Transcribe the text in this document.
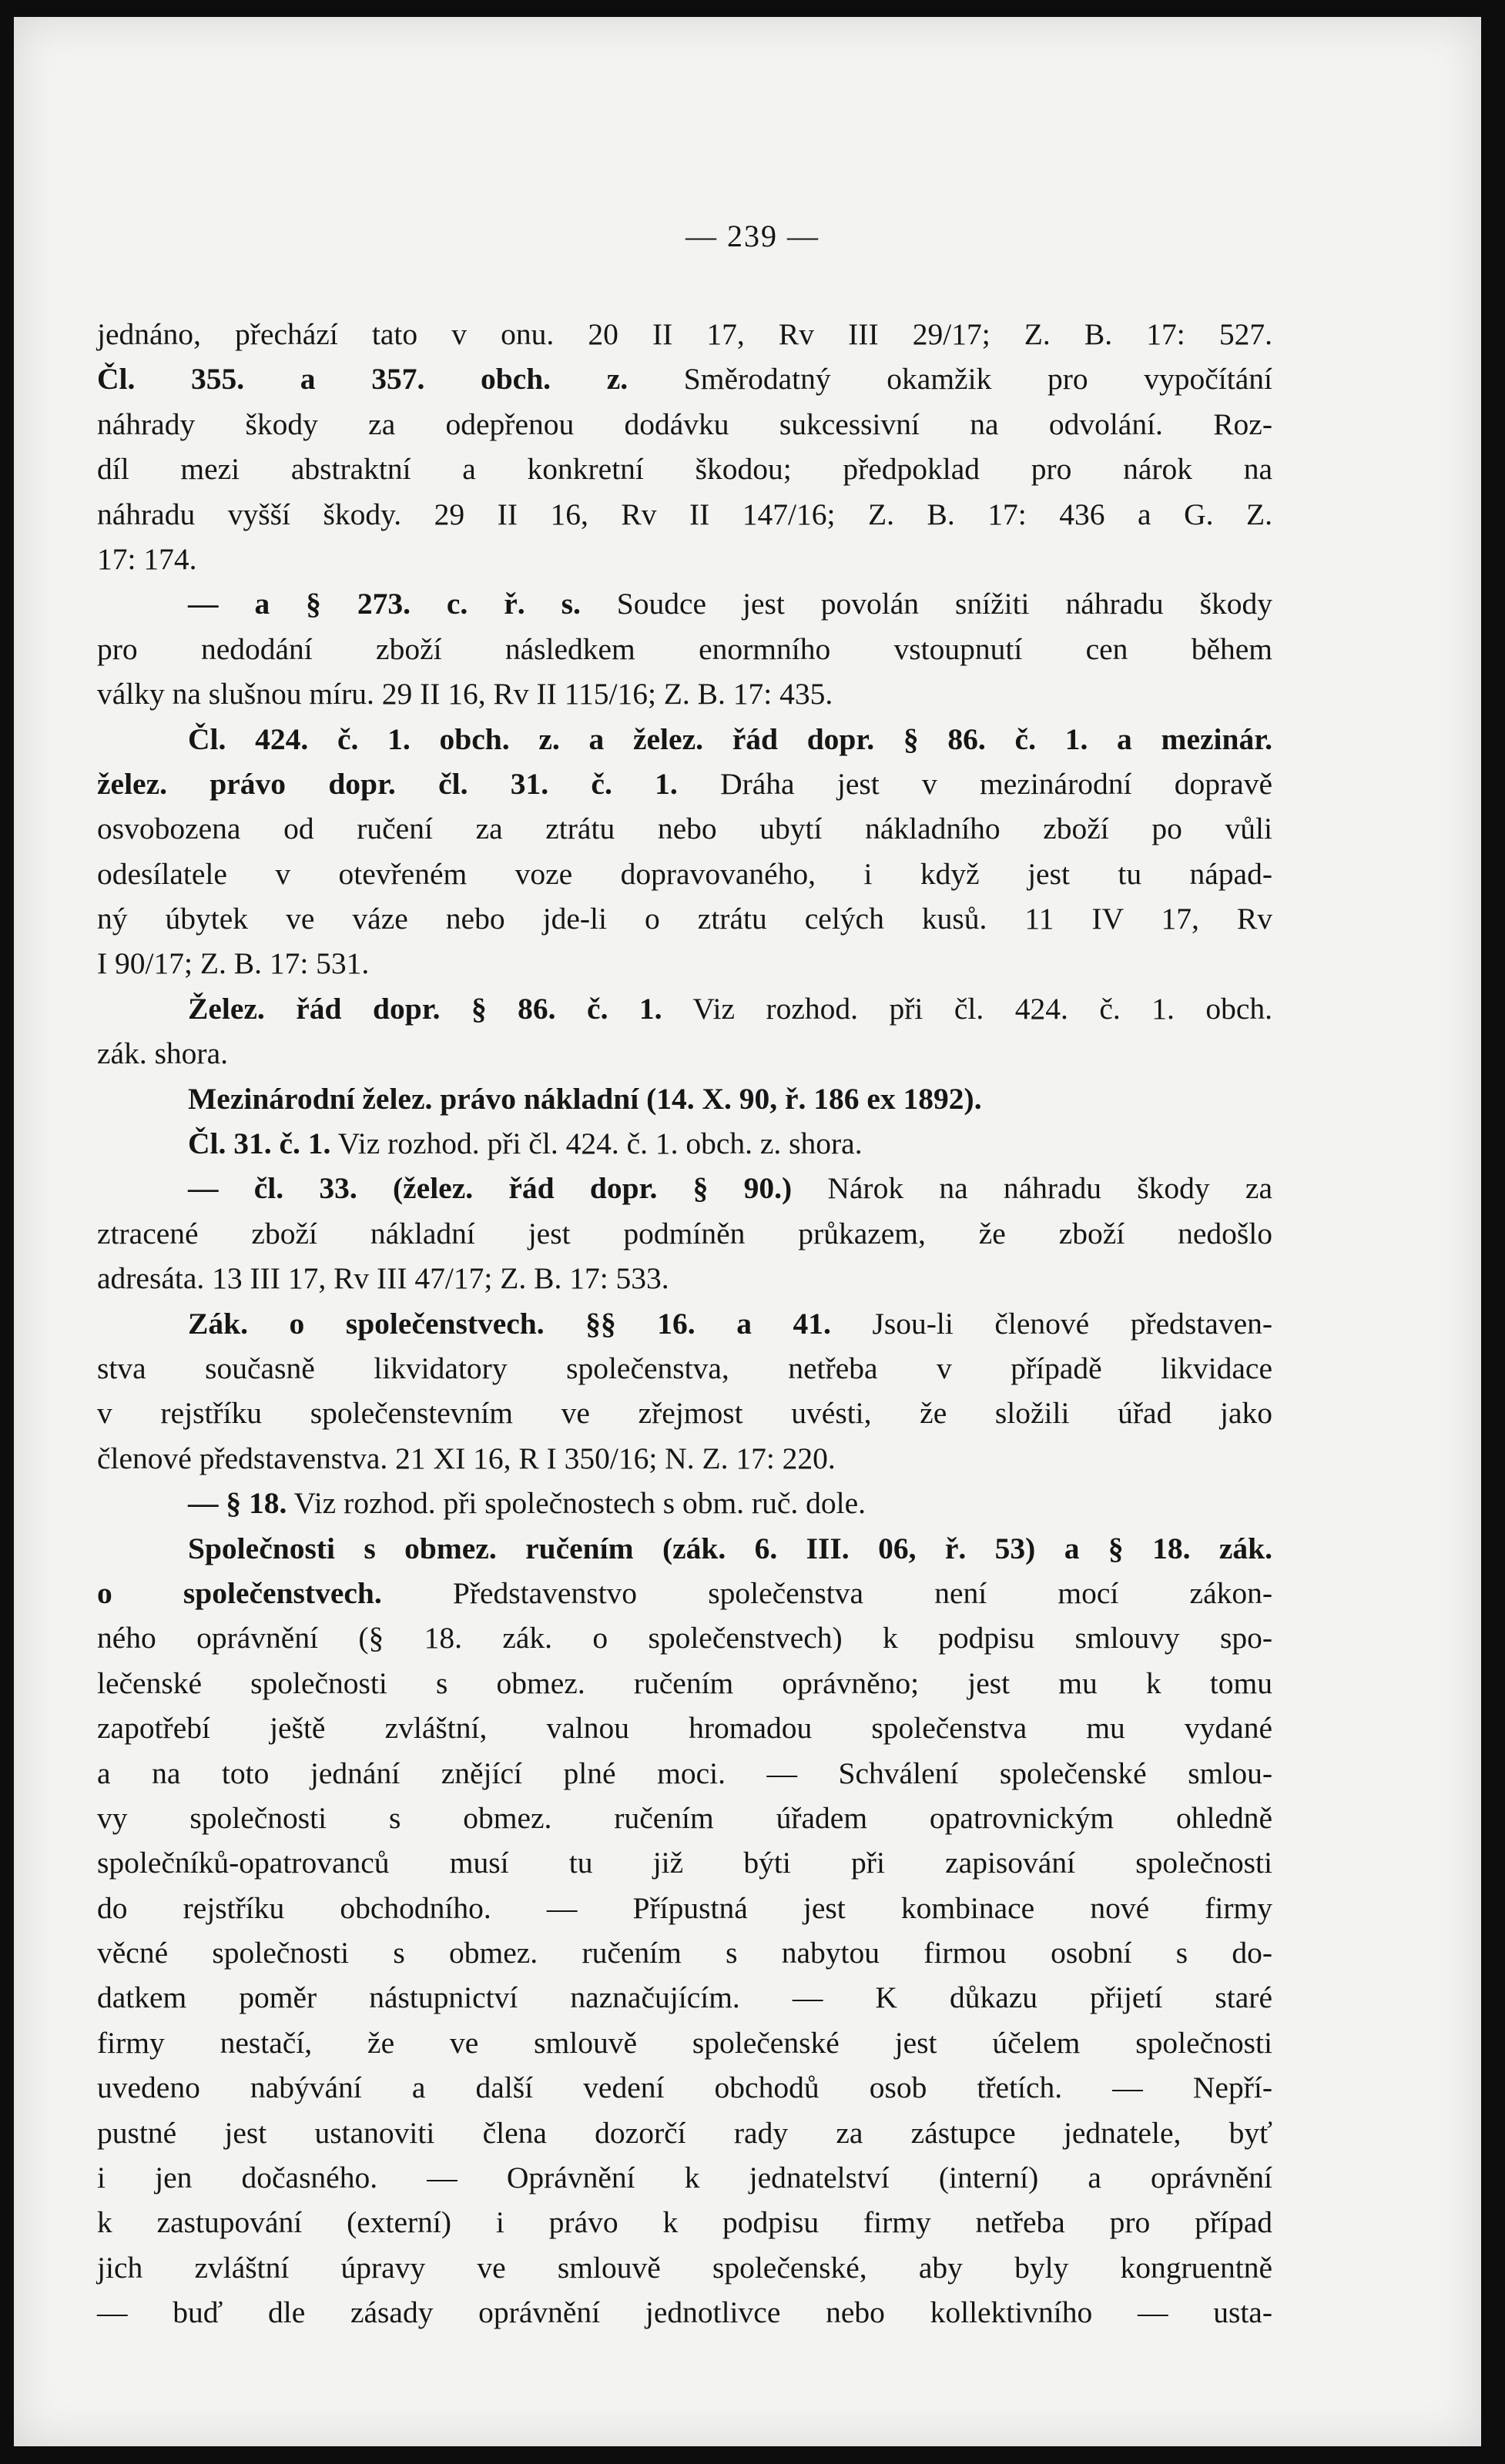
— 239 —
jednáno, přechází tato v onu. 20 II 17, Rv III 29/17; Z. B. 17: 527.
Čl. 355. a 357. obch. z. Směrodatný okamžik pro vypočítání
náhrady škody za odepřenou dodávku sukcessivní na odvolání. Roz-
díl mezi abstraktní a konkretní škodou; předpoklad pro nárok na
náhradu vyšší škody. 29 II 16, Rv II 147/16; Z. B. 17: 436 a G. Z.
17: 174.
— a § 273. c. ř. s. Soudce jest povolán snížiti náhradu škody
pro nedodání zboží následkem enormního vstoupnutí cen během
války na slušnou míru. 29 II 16, Rv II 115/16; Z. B. 17: 435.
Čl. 424. č. 1. obch. z. a želez. řád dopr. § 86. č. 1. a mezinár.
želez. právo dopr. čl. 31. č. 1. Dráha jest v mezinárodní dopravě
osvobozena od ručení za ztrátu nebo ubytí nákladního zboží po vůli
odesílatele v otevřeném voze dopravovaného, i když jest tu nápad-
ný úbytek ve váze nebo jde-li o ztrátu celých kusů. 11 IV 17, Rv
I 90/17; Z. B. 17: 531.
Želez. řád dopr. § 86. č. 1. Viz rozhod. při čl. 424. č. 1. obch.
zák. shora.
Mezinárodní želez. právo nákladní (14. X. 90, ř. 186 ex 1892).
Čl. 31. č. 1. Viz rozhod. při čl. 424. č. 1. obch. z. shora.
— čl. 33. (želez. řád dopr. § 90.) Nárok na náhradu škody za
ztracené zboží nákladní jest podmíněn průkazem, že zboží nedošlo
adresáta. 13 III 17, Rv III 47/17; Z. B. 17: 533.
Zák. o společenstvech. §§ 16. a 41. Jsou-li členové představen-
stva současně likvidatory společenstva, netřeba v případě likvidace
v rejstříku společenstevním ve zřejmost uvésti, že složili úřad jako
členové představenstva. 21 XI 16, R I 350/16; N. Z. 17: 220.
— § 18. Viz rozhod. při společnostech s obm. ruč. dole.
Společnosti s obmez. ručením (zák. 6. III. 06, ř. 53) a § 18. zák.
o společenstvech. Představenstvo společenstva není mocí zákon-
ného oprávnění (§ 18. zák. o společenstvech) k podpisu smlouvy spo-
lečenské společnosti s obmez. ručením oprávněno; jest mu k tomu
zapotřebí ještě zvláštní, valnou hromadou společenstva mu vydané
a na toto jednání znějící plné moci. — Schválení společenské smlou-
vy společnosti s obmez. ručením úřadem opatrovnickým ohledně
společníků-opatrovanců musí tu již býti při zapisování společnosti
do rejstříku obchodního. — Přípustná jest kombinace nové firmy
věcné společnosti s obmez. ručením s nabytou firmou osobní s do-
datkem poměr nástupnictví naznačujícím. — K důkazu přijetí staré
firmy nestačí, že ve smlouvě společenské jest účelem společnosti
uvedeno nabývání a další vedení obchodů osob třetích. — Nepří-
pustné jest ustanoviti člena dozorčí rady za zástupce jednatele, byť
i jen dočasného. — Oprávnění k jednatelství (interní) a oprávnění
k zastupování (externí) i právo k podpisu firmy netřeba pro případ
jich zvláštní úpravy ve smlouvě společenské, aby byly kongruentně
— buď dle zásady oprávnění jednotlivce nebo kollektivního — usta-
